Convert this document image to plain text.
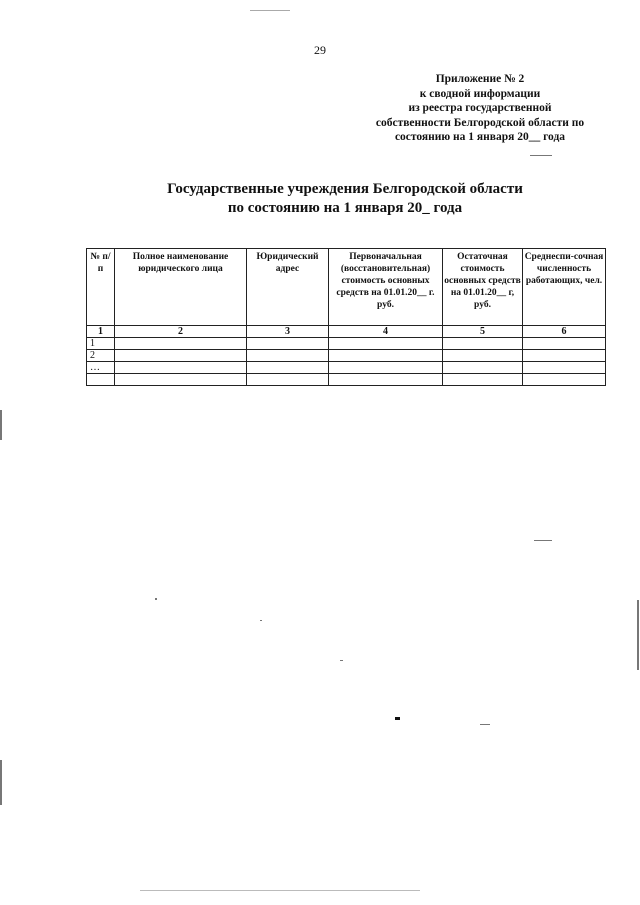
29
Приложение № 2
к сводной информации
из реестра государственной
собственности Белгородской области по
состоянию на 1 января 20__ года
Государственные учреждения Белгородской области
по состоянию на 1 января 20_ года
№ п/п	Полное наименование юридического лица	Юридический адрес	Первоначальная (восстановительная) стоимость основных средств на 01.01.20__ г. руб.	Остаточная стоимость основных средств на 01.01.20__ г, руб.	Среднеспи-сочная численность работающих, чел.
1	2	3	4	5	6
1					
2					
…					
